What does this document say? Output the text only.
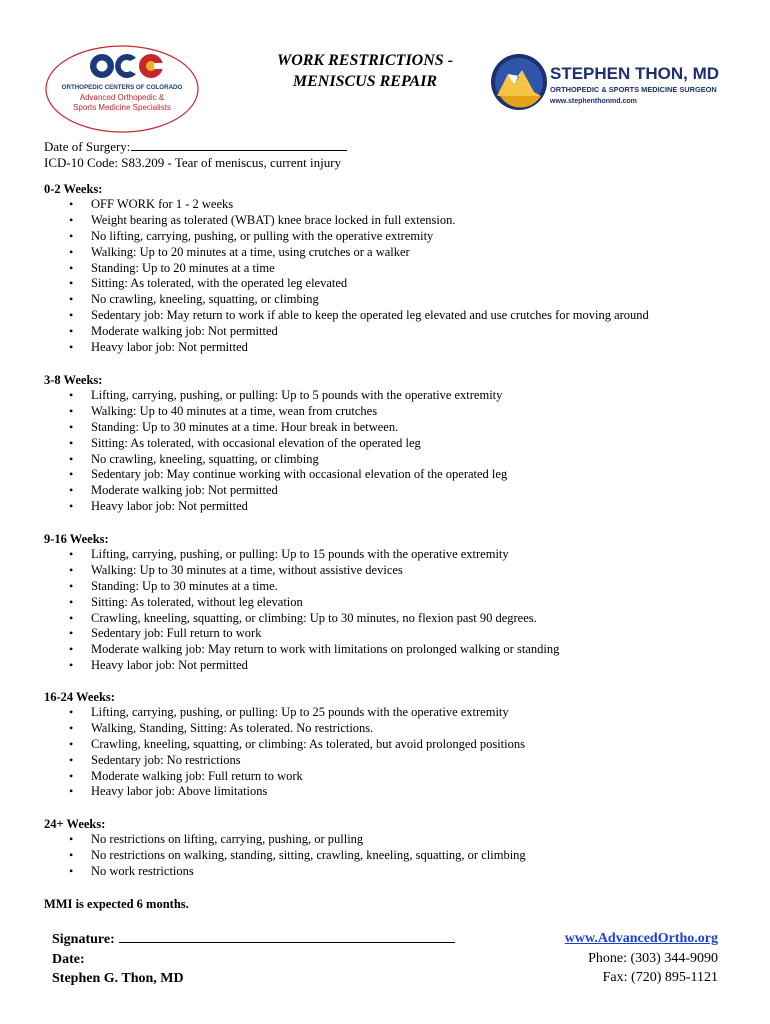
ORTHOPEDIC CENTERS OF COLORADO
Advanced Orthopedic &
Sports Medicine Specialists
WORK RESTRICTIONS -
MENISCUS REPAIR	STEPHEN THON, MD
ORTHOPEDIC & SPORTS MEDICINE SURGEON
www.stephenthonmd.com
Date of Surgery:
ICD-10 Code: S83.209 - Tear of meniscus, current injury
0-2 Weeks:
• OFF WORK for 1 - 2 weeks
• Weight bearing as tolerated (WBAT) knee brace locked in full extension.
• No lifting, carrying, pushing, or pulling with the operative extremity
• Walking: Up to 20 minutes at a time, using crutches or a walker
• Standing: Up to 20 minutes at a time
• Sitting: As tolerated, with the operated leg elevated
• No crawling, kneeling, squatting, or climbing
• Sedentary job: May return to work if able to keep the operated leg elevated and use crutches for moving around
• Moderate walking job: Not permitted
• Heavy labor job: Not permitted
3-8 Weeks:
• Lifting, carrying, pushing, or pulling: Up to 5 pounds with the operative extremity
• Walking: Up to 40 minutes at a time, wean from crutches
• Standing: Up to 30 minutes at a time. Hour break in between.
• Sitting: As tolerated, with occasional elevation of the operated leg
• No crawling, kneeling, squatting, or climbing
• Sedentary job: May continue working with occasional elevation of the operated leg
• Moderate walking job: Not permitted
• Heavy labor job: Not permitted
9-16 Weeks:
• Lifting, carrying, pushing, or pulling: Up to 15 pounds with the operative extremity
• Walking: Up to 30 minutes at a time, without assistive devices
• Standing: Up to 30 minutes at a time.
• Sitting: As tolerated, without leg elevation
• Crawling, kneeling, squatting, or climbing: Up to 30 minutes, no flexion past 90 degrees.
• Sedentary job: Full return to work
• Moderate walking job: May return to work with limitations on prolonged walking or standing
• Heavy labor job: Not permitted
16-24 Weeks:
• Lifting, carrying, pushing, or pulling: Up to 25 pounds with the operative extremity
• Walking, Standing, Sitting: As tolerated. No restrictions.
• Crawling, kneeling, squatting, or climbing: As tolerated, but avoid prolonged positions
• Sedentary job: No restrictions
• Moderate walking job: Full return to work
• Heavy labor job: Above limitations
24+ Weeks:
• No restrictions on lifting, carrying, pushing, or pulling
• No restrictions on walking, standing, sitting, crawling, kneeling, squatting, or climbing
• No work restrictions
MMI is expected 6 months.
Signature:
Date:
Stephen G. Thon, MD
www.AdvancedOrtho.org
Phone: (303) 344-9090
Fax: (720) 895-1121
